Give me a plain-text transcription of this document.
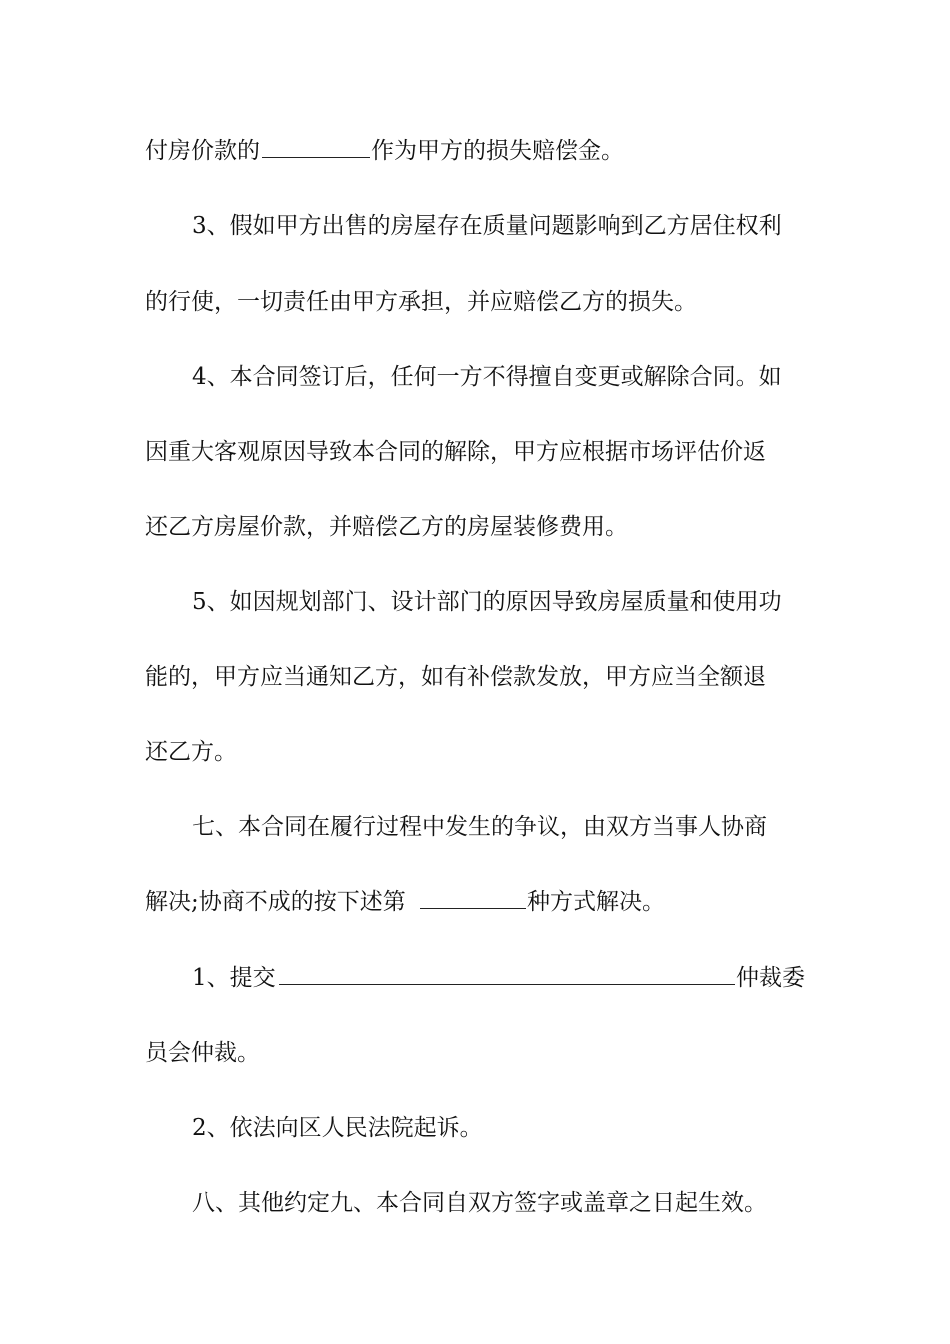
付房价款的	作为甲方的损失赔偿金。
3、假如甲方出售的房屋存在质量问题影响到乙方居住权利
的行使，一切责任由甲方承担，并应赔偿乙方的损失。
4、本合同签订后，任何一方不得擅自变更或解除合同。如
因重大客观原因导致本合同的解除，甲方应根据市场评估价返
还乙方房屋价款，并赔偿乙方的房屋装修费用。
5、如因规划部门、设计部门的原因导致房屋质量和使用功
能的，甲方应当通知乙方，如有补偿款发放，甲方应当全额退
还乙方。
七、本合同在履行过程中发生的争议，由双方当事人协商
解决;协商不成的按下述第	种方式解决。
1、提交	仲裁委
员会仲裁。
2、依法向区人民法院起诉。
八、其他约定九、本合同自双方签字或盖章之日起生效。
